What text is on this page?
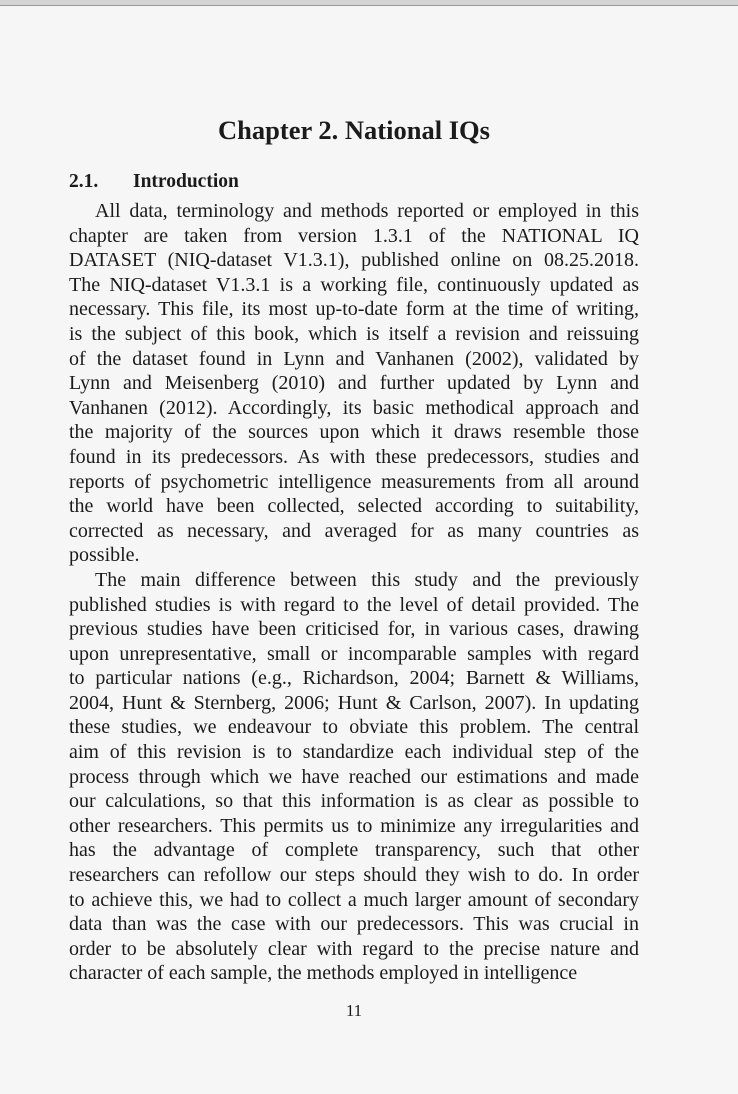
Chapter 2. National IQs
2.1. Introduction
All data, terminology and methods reported or employed in this
chapter are taken from version 1.3.1 of the NATIONAL IQ
DATASET (NIQ-dataset V1.3.1), published online on 08.25.2018.
The NIQ-dataset V1.3.1 is a working file, continuously updated as
necessary. This file, its most up-to-date form at the time of writing,
is the subject of this book, which is itself a revision and reissuing
of the dataset found in Lynn and Vanhanen (2002), validated by
Lynn and Meisenberg (2010) and further updated by Lynn and
Vanhanen (2012). Accordingly, its basic methodical approach and
the majority of the sources upon which it draws resemble those
found in its predecessors. As with these predecessors, studies and
reports of psychometric intelligence measurements from all around
the world have been collected, selected according to suitability,
corrected as necessary, and averaged for as many countries as
possible.
The main difference between this study and the previously
published studies is with regard to the level of detail provided. The
previous studies have been criticised for, in various cases, drawing
upon unrepresentative, small or incomparable samples with regard
to particular nations (e.g., Richardson, 2004; Barnett & Williams,
2004, Hunt & Sternberg, 2006; Hunt & Carlson, 2007). In updating
these studies, we endeavour to obviate this problem. The central
aim of this revision is to standardize each individual step of the
process through which we have reached our estimations and made
our calculations, so that this information is as clear as possible to
other researchers. This permits us to minimize any irregularities and
has the advantage of complete transparency, such that other
researchers can refollow our steps should they wish to do. In order
to achieve this, we had to collect a much larger amount of secondary
data than was the case with our predecessors. This was crucial in
order to be absolutely clear with regard to the precise nature and
character of each sample, the methods employed in intelligence
11
